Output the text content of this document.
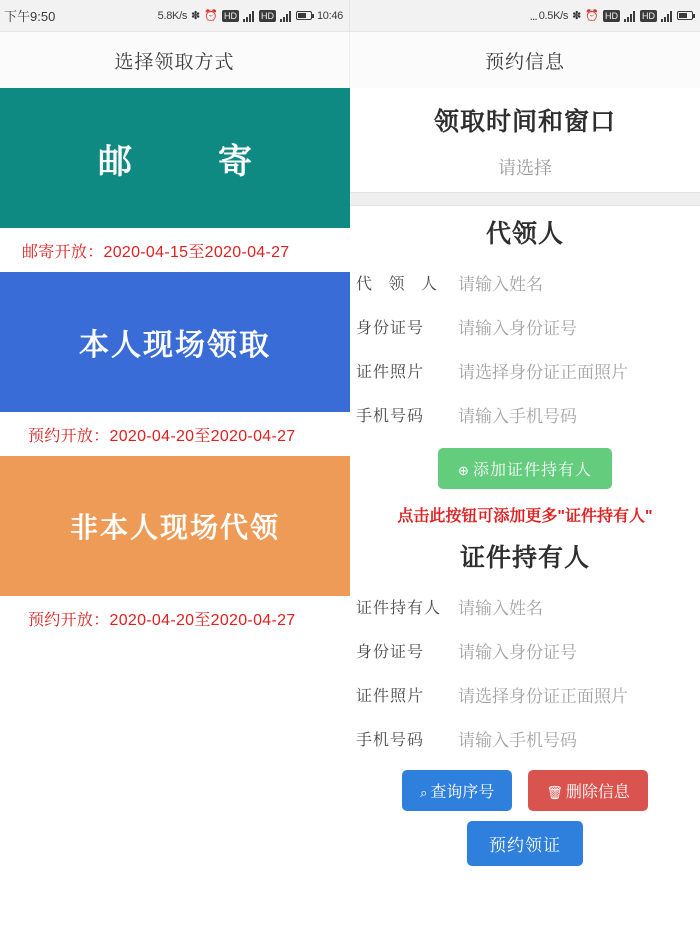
下午9:50	5.8K/s ✽ ⏰ HD	HD	10:46	... 0.5K/s ✽ ⏰ HD	HD
选择领取方式	预约信息
邮　寄
邮寄开放：2020-04-15至2020-04-27
本人现场领取
预约开放：2020-04-20至2020-04-27
非本人现场代领
预约开放：2020-04-20至2020-04-27
领取时间和窗口
请选择
代领人
代 领 人 请输入姓名
身份证号	请输入身份证号
证件照片	请选择身份证正面照片
手机号码	请输入手机号码
⊕ 添加证件持有人
点击此按钮可添加更多"证件持有人"
证件持有人
证件持有人 请输入姓名
身份证号	请输入身份证号
证件照片	请选择身份证正面照片
手机号码	请输入手机号码
⌕ 查询序号	🗑 删除信息
预约领证
